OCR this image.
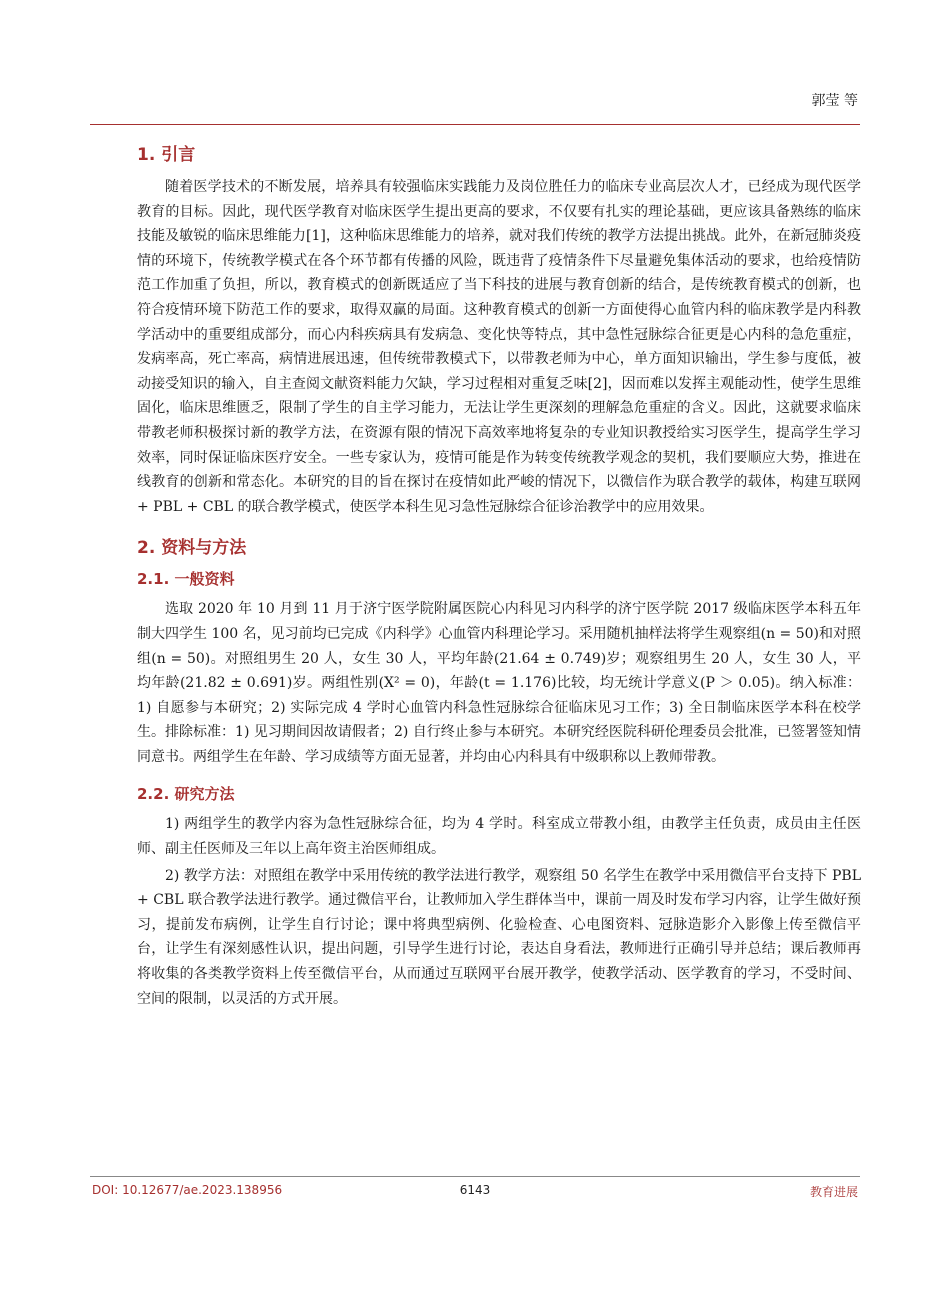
郭莹 等
1. 引言

随着医学技术的不断发展，培养具有较强临床实践能力及岗位胜任力的临床专业高层次人才，已经成为现代医学教育的目标。因此，现代医学教育对临床医学生提出更高的要求，不仅要有扎实的理论基础，更应该具备熟练的临床技能及敏锐的临床思维能力[1]，这种临床思维能力的培养，就对我们传统的教学方法提出挑战。此外，在新冠肺炎疫情的环境下，传统教学模式在各个环节都有传播的风险，既违背了疫情条件下尽量避免集体活动的要求，也给疫情防范工作加重了负担，所以，教育模式的创新既适应了当下科技的进展与教育创新的结合，是传统教育模式的创新，也符合疫情环境下防范工作的要求，取得双赢的局面。这种教育模式的创新一方面使得心血管内科的临床教学是内科教学活动中的重要组成部分，而心内科疾病具有发病急、变化快等特点，其中急性冠脉综合征更是心内科的急危重症，发病率高，死亡率高，病情进展迅速，但传统带教模式下，以带教老师为中心，单方面知识输出，学生参与度低，被动接受知识的输入，自主查阅文献资料能力欠缺，学习过程相对重复乏味[2]，因而难以发挥主观能动性，使学生思维固化，临床思维匮乏，限制了学生的自主学习能力，无法让学生更深刻的理解急危重症的含义。因此，这就要求临床带教老师积极探讨新的教学方法，在资源有限的情况下高效率地将复杂的专业知识教授给实习医学生，提高学生学习效率，同时保证临床医疗安全。一些专家认为，疫情可能是作为转变传统教学观念的契机，我们要顺应大势，推进在线教育的创新和常态化。本研究的目的旨在探讨在疫情如此严峻的情况下，以微信作为联合教学的载体，构建互联网 + PBL + CBL 的联合教学模式，使医学本科生见习急性冠脉综合征诊治教学中的应用效果。

2. 资料与方法
2.1. 一般资料

选取 2020 年 10 月到 11 月于济宁医学院附属医院心内科见习内科学的济宁医学院 2017 级临床医学本科五年制大四学生 100 名，见习前均已完成《内科学》心血管内科理论学习。采用随机抽样法将学生观察组(n = 50)和对照组(n = 50)。对照组男生 20 人，女生 30 人，平均年龄(21.64 ± 0.749)岁；观察组男生 20 人，女生 30 人，平均年龄(21.82 ± 0.691)岁。两组性别(X² = 0)，年龄(t = 1.176)比较，均无统计学意义(P ＞ 0.05)。纳入标准：1) 自愿参与本研究；2) 实际完成 4 学时心血管内科急性冠脉综合征临床见习工作；3) 全日制临床医学本科在校学生。排除标准：1) 见习期间因故请假者；2) 自行终止参与本研究。本研究经医院科研伦理委员会批准，已签署签知情同意书。两组学生在年龄、学习成绩等方面无显著，并均由心内科具有中级职称以上教师带教。

2.2. 研究方法

1) 两组学生的教学内容为急性冠脉综合征，均为 4 学时。科室成立带教小组，由教学主任负责，成员由主任医师、副主任医师及三年以上高年资主治医师组成。

2) 教学方法：对照组在教学中采用传统的教学法进行教学，观察组 50 名学生在教学中采用微信平台支持下 PBL + CBL 联合教学法进行教学。通过微信平台，让教师加入学生群体当中，课前一周及时发布学习内容，让学生做好预习，提前发布病例，让学生自行讨论；课中将典型病例、化验检查、心电图资料、冠脉造影介入影像上传至微信平台，让学生有深刻感性认识，提出问题，引导学生进行讨论，表达自身看法，教师进行正确引导并总结；课后教师再将收集的各类教学资料上传至微信平台，从而通过互联网平台展开教学，使教学活动、医学教育的学习，不受时间、空间的限制，以灵活的方式开展。

DOI: 10.12677/ae.2023.138956	6143	教育进展
